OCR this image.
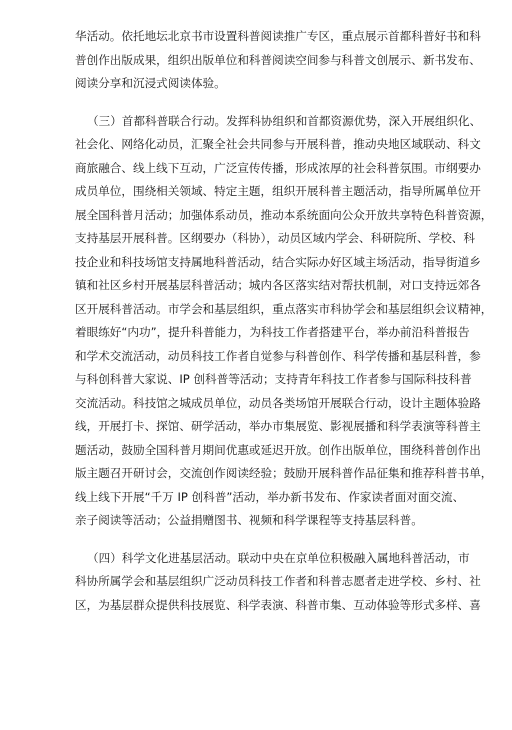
华活动。依托地坛北京书市设置科普阅读推广专区，重点展示首都科普好书和科
普创作出版成果，组织出版单位和科普阅读空间参与科普文创展示、新书发布、
阅读分享和沉浸式阅读体验。
（三）首都科普联合行动。发挥科协组织和首都资源优势，深入开展组织化、
社会化、网络化动员，汇聚全社会共同参与开展科普，推动央地区域联动、科文
商旅融合、线上线下互动，广泛宣传传播，形成浓厚的社会科普氛围。市纲要办
成员单位，围绕相关领域、特定主题，组织开展科普主题活动，指导所属单位开
展全国科普月活动；加强体系动员，推动本系统面向公众开放共享特色科普资源，
支持基层开展科普。区纲要办（科协），动员区域内学会、科研院所、学校、科
技企业和科技场馆支持属地科普活动，结合实际办好区域主场活动，指导街道乡
镇和社区乡村开展基层科普活动；城内各区落实结对帮扶机制，对口支持远郊各
区开展科普活动。市学会和基层组织，重点落实市科协学会和基层组织会议精神，
着眼练好“内功”，提升科普能力，为科技工作者搭建平台，举办前沿科普报告
和学术交流活动，动员科技工作者自觉参与科普创作、科学传播和基层科普，参
与科创科普大家说、IP 创科普等活动；支持青年科技工作者参与国际科技科普
交流活动。科技馆之城成员单位，动员各类场馆开展联合行动，设计主题体验路
线，开展打卡、探馆、研学活动，举办市集展览、影视展播和科学表演等科普主
题活动，鼓励全国科普月期间优惠或延迟开放。创作出版单位，围绕科普创作出
版主题召开研讨会，交流创作阅读经验；鼓励开展科普作品征集和推荐科普书单，
线上线下开展“千万 IP 创科普”活动，举办新书发布、作家读者面对面交流、
亲子阅读等活动；公益捐赠图书、视频和科学课程等支持基层科普。
（四）科学文化进基层活动。联动中央在京单位积极融入属地科普活动，市
科协所属学会和基层组织广泛动员科技工作者和科普志愿者走进学校、乡村、社
区，为基层群众提供科技展览、科学表演、科普市集、互动体验等形式多样、喜
